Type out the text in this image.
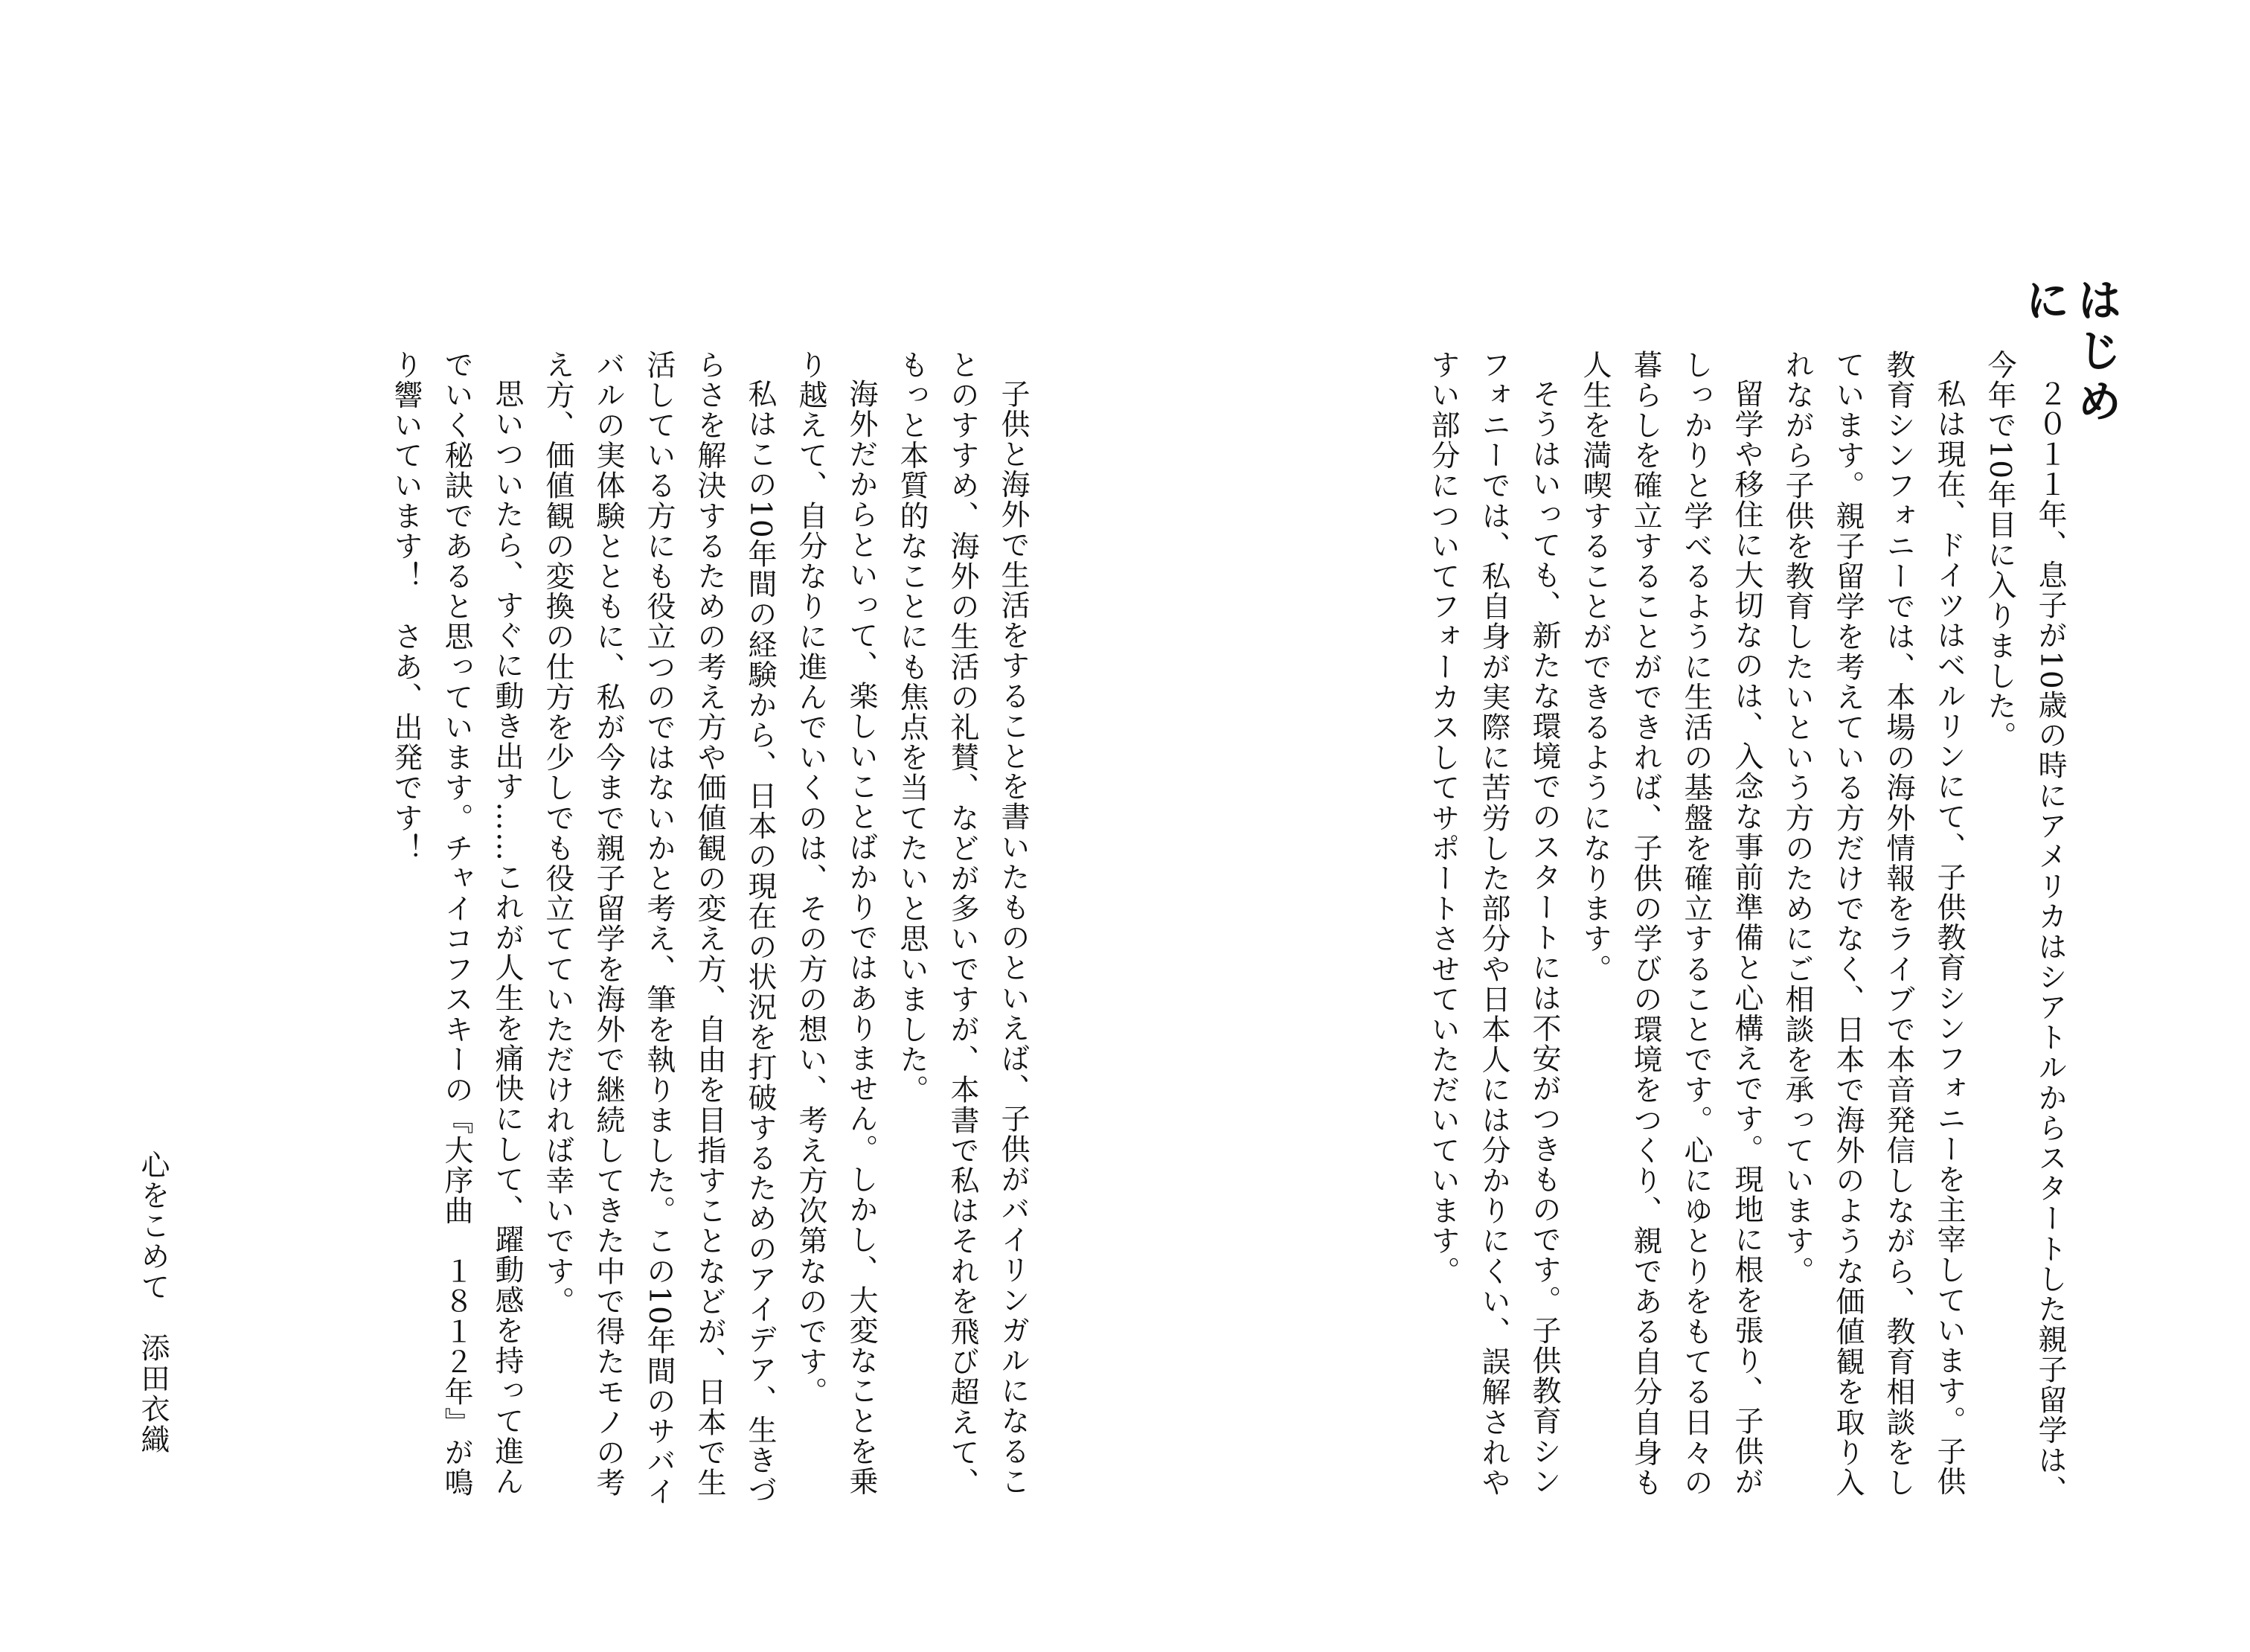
はじめに

２０１１年、息子が10歳の時にアメリカはシアトルからスタートした親子留学は、今年で10年目に入りました。

私は現在、ドイツはベルリンにて、子供教育シンフォニーを主宰しています。子供教育シンフォニーでは、本場の海外情報をライブで本音発信しながら、教育相談をしています。親子留学を考えている方だけでなく、日本で海外のような価値観を取り入れながら子供を教育したいという方のためにご相談を承っています。

留学や移住に大切なのは、入念な事前準備と心構えです。現地に根を張り、子供がしっかりと学べるように生活の基盤を確立することです。心にゆとりをもてる日々の暮らしを確立することができれば、子供の学びの環境をつくり、親である自分自身も人生を満喫することができるようになります。

そうはいっても、新たな環境でのスタートには不安がつきものです。子供教育シンフォニーでは、私自身が実際に苦労した部分や日本人には分かりにくい、誤解されやすい部分についてフォーカスしてサポートさせていただいています。

子供と海外で生活をすることを書いたものといえば、子供がバイリンガルになることのすすめ、海外の生活の礼賛、などが多いですが、本書で私はそれを飛び超えて、もっと本質的なことにも焦点を当てたいと思いました。

海外だからといって、楽しいことばかりではありません。しかし、大変なことを乗り越えて、自分なりに進んでいくのは、その方の想い、考え方次第なのです。

私はこの10年間の経験から、日本の現在の状況を打破するためのアイデア、生きづらさを解決するための考え方や価値観の変え方、自由を目指すことなどが、日本で生活している方にも役立つのではないかと考え、筆を執りました。この10年間のサバイバルの実体験とともに、私が今まで親子留学を海外で継続してきた中で得たモノの考え方、価値観の変換の仕方を少しでも役立てていただければ幸いです。

思いついたら、すぐに動き出す……これが人生を痛快にして、躍動感を持って進んでいく秘訣であると思っています。チャイコフスキーの『大序曲　１８１２年』が鳴り響いています！　さあ、出発です！

心をこめて　添田衣織
